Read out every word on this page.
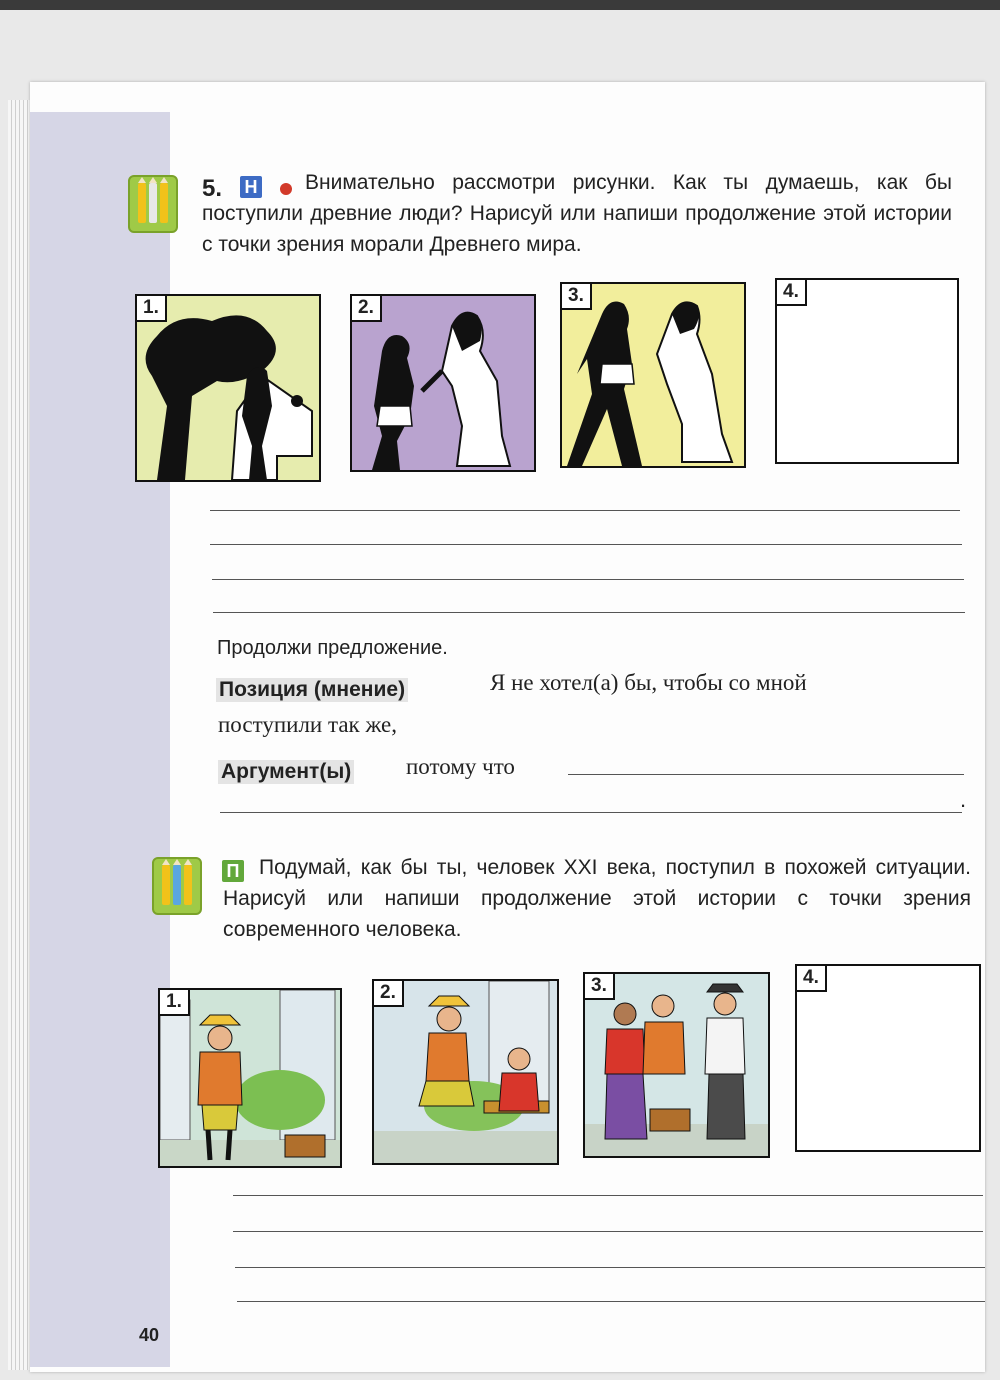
5. Н	Внимательно рассмотри рисунки. Как ты думаешь, как бы поступили древние люди? Нарисуй или напиши продолжение этой истории с точки зрения морали Древнего мира.
1.	2.
3.	4.
Продолжи предложение.
Позиция (мнение)	Я не хотел(а) бы, чтобы со мной
поступили так же,
Аргумент(ы) потому что
.
П Подумай, как бы ты, человек XXI века, поступил в похожей ситуации. Нарисуй или напиши продолжение этой истории с точки зрения современного человека.
1.	2.	3.	4.
40
